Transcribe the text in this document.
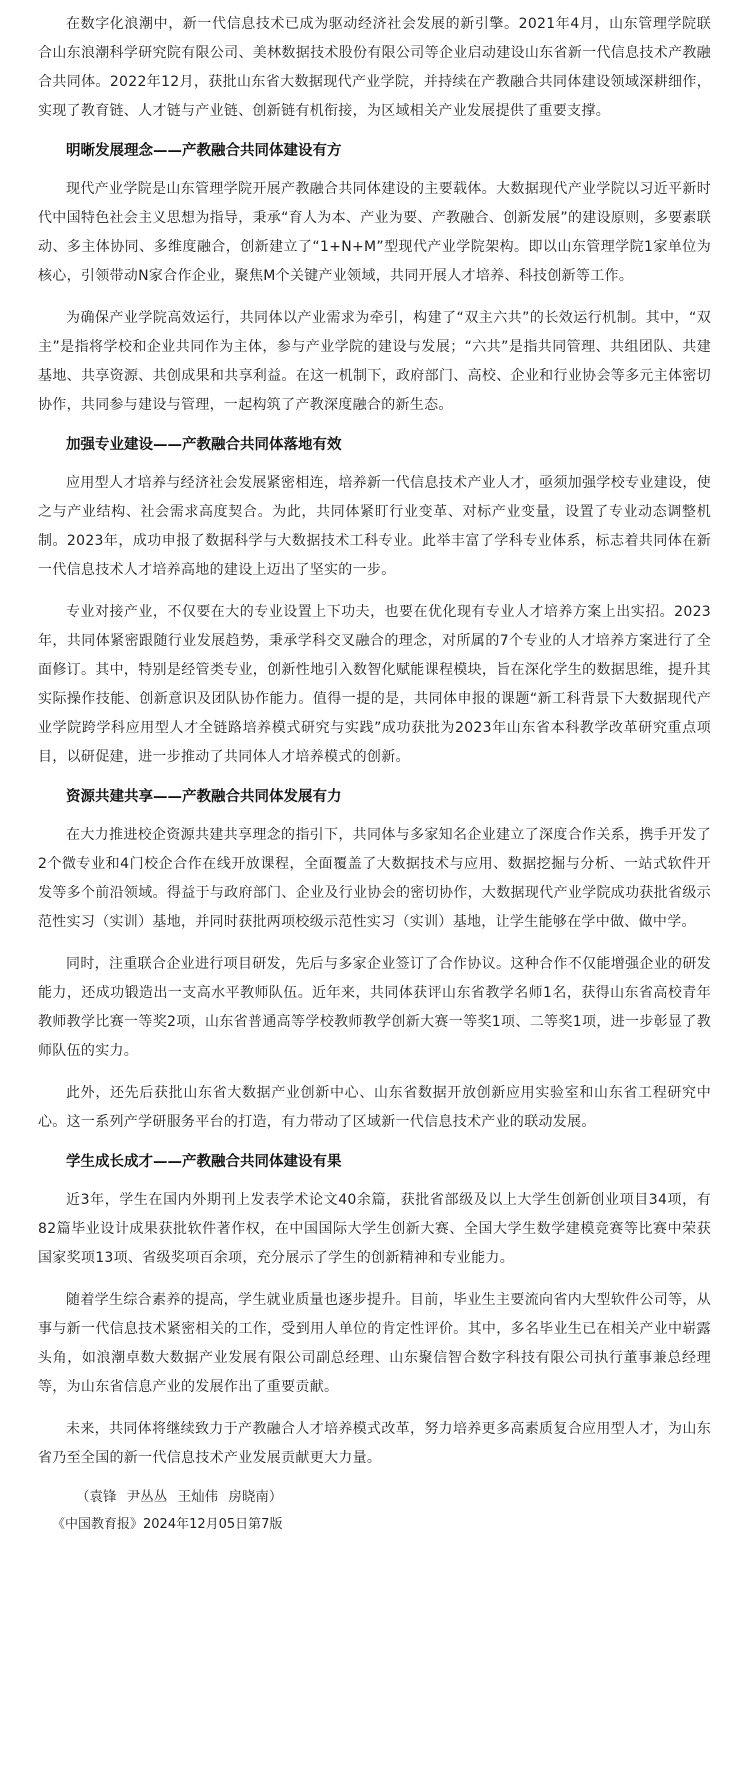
在数字化浪潮中，新一代信息技术已成为驱动经济社会发展的新引擎。2021年4月，山东管理学院联合山东浪潮科学研究院有限公司、美林数据技术股份有限公司等企业启动建设山东省新一代信息技术产教融合共同体。2022年12月，获批山东省大数据现代产业学院，并持续在产教融合共同体建设领域深耕细作，实现了教育链、人才链与产业链、创新链有机衔接，为区域相关产业发展提供了重要支撑。

明晰发展理念——产教融合共同体建设有方

现代产业学院是山东管理学院开展产教融合共同体建设的主要载体。大数据现代产业学院以习近平新时代中国特色社会主义思想为指导，秉承“育人为本、产业为要、产教融合、创新发展”的建设原则，多要素联动、多主体协同、多维度融合，创新建立了“1+N+M”型现代产业学院架构。即以山东管理学院1家单位为核心，引领带动N家合作企业，聚焦M个关键产业领域，共同开展人才培养、科技创新等工作。

为确保产业学院高效运行，共同体以产业需求为牵引，构建了“双主六共”的长效运行机制。其中，“双主”是指将学校和企业共同作为主体，参与产业学院的建设与发展；“六共”是指共同管理、共组团队、共建基地、共享资源、共创成果和共享利益。在这一机制下，政府部门、高校、企业和行业协会等多元主体密切协作，共同参与建设与管理，一起构筑了产教深度融合的新生态。

加强专业建设——产教融合共同体落地有效

应用型人才培养与经济社会发展紧密相连，培养新一代信息技术产业人才，亟须加强学校专业建设，使之与产业结构、社会需求高度契合。为此，共同体紧盯行业变革、对标产业变量，设置了专业动态调整机制。2023年，成功申报了数据科学与大数据技术工科专业。此举丰富了学科专业体系，标志着共同体在新一代信息技术人才培养高地的建设上迈出了坚实的一步。

专业对接产业，不仅要在大的专业设置上下功夫，也要在优化现有专业人才培养方案上出实招。2023年，共同体紧密跟随行业发展趋势，秉承学科交叉融合的理念，对所属的7个专业的人才培养方案进行了全面修订。其中，特别是经管类专业，创新性地引入数智化赋能课程模块，旨在深化学生的数据思维，提升其实际操作技能、创新意识及团队协作能力。值得一提的是，共同体申报的课题“新工科背景下大数据现代产业学院跨学科应用型人才全链路培养模式研究与实践”成功获批为2023年山东省本科教学改革研究重点项目，以研促建，进一步推动了共同体人才培养模式的创新。

资源共建共享——产教融合共同体发展有力

在大力推进校企资源共建共享理念的指引下，共同体与多家知名企业建立了深度合作关系，携手开发了2个微专业和4门校企合作在线开放课程，全面覆盖了大数据技术与应用、数据挖掘与分析、一站式软件开发等多个前沿领域。得益于与政府部门、企业及行业协会的密切协作，大数据现代产业学院成功获批省级示范性实习（实训）基地，并同时获批两项校级示范性实习（实训）基地，让学生能够在学中做、做中学。

同时，注重联合企业进行项目研发，先后与多家企业签订了合作协议。这种合作不仅能增强企业的研发能力，还成功锻造出一支高水平教师队伍。近年来，共同体获评山东省教学名师1名，获得山东省高校青年教师教学比赛一等奖2项，山东省普通高等学校教师教学创新大赛一等奖1项、二等奖1项，进一步彰显了教师队伍的实力。

此外，还先后获批山东省大数据产业创新中心、山东省数据开放创新应用实验室和山东省工程研究中心。这一系列产学研服务平台的打造，有力带动了区域新一代信息技术产业的联动发展。

学生成长成才——产教融合共同体建设有果

近3年，学生在国内外期刊上发表学术论文40余篇，获批省部级及以上大学生创新创业项目34项，有82篇毕业设计成果获批软件著作权，在中国国际大学生创新大赛、全国大学生数学建模竞赛等比赛中荣获国家奖项13项、省级奖项百余项，充分展示了学生的创新精神和专业能力。

随着学生综合素养的提高，学生就业质量也逐步提升。目前，毕业生主要流向省内大型软件公司等，从事与新一代信息技术紧密相关的工作，受到用人单位的肯定性评价。其中，多名毕业生已在相关产业中崭露头角，如浪潮卓数大数据产业发展有限公司副总经理、山东聚信智合数字科技有限公司执行董事兼总经理等，为山东省信息产业的发展作出了重要贡献。

未来，共同体将继续致力于产教融合人才培养模式改革，努力培养更多高素质复合应用型人才，为山东省乃至全国的新一代信息技术产业发展贡献更大力量。

（袁锋 尹丛丛 王灿伟 房晓南）
《中国教育报》2024年12月05日第7版
